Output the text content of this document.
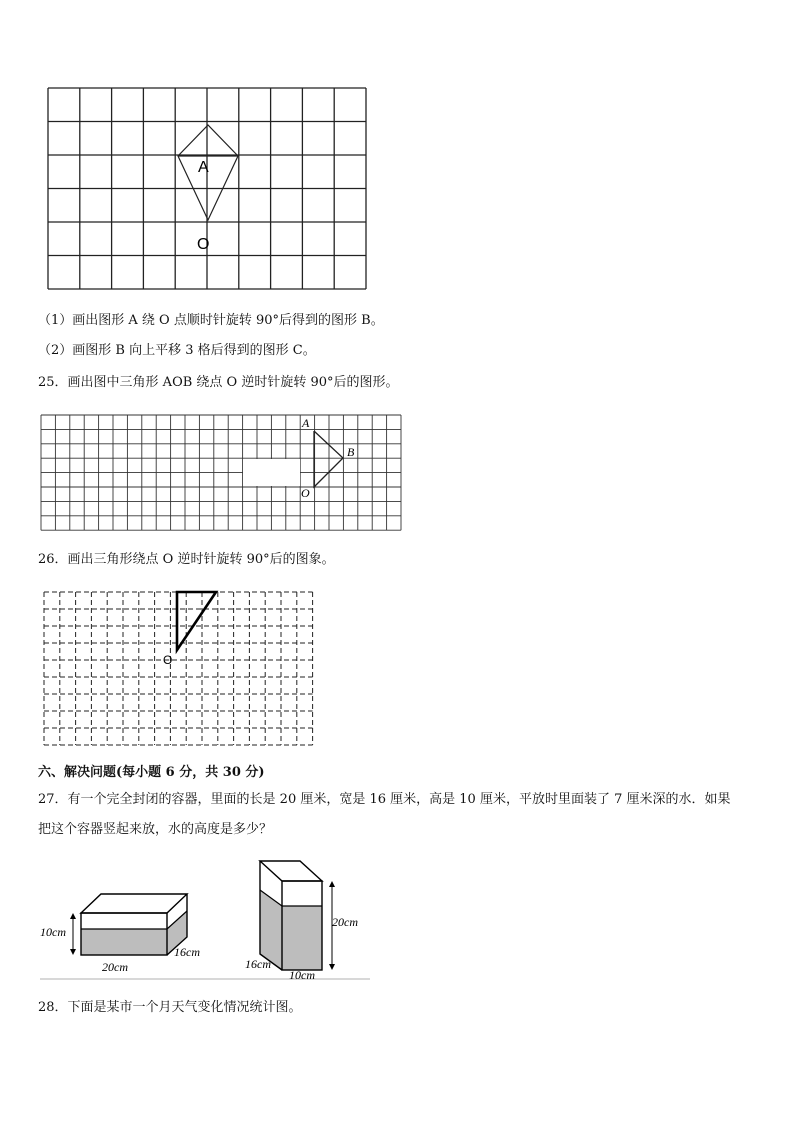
A
O
（1）画出图形 A 绕 O 点顺时针旋转 90°后得到的图形 B。
（2）画图形 B 向上平移 3 格后得到的图形 C。
25．画出图中三角形 AOB 绕点 O 逆时针旋转 90°后的图形。
A
B
O
26．画出三角形绕点 O 逆时针旋转 90°后的图象。
O
六、解决问题(每小题 6 分，共 30 分)
27．有一个完全封闭的容器，里面的长是 20 厘米，宽是 16 厘米，高是 10 厘米，平放时里面装了 7 厘米深的水．如果
把这个容器竖起来放，水的高度是多少？
10cm
20cm
16cm
20cm
16cm
10cm
28．下面是某市一个月天气变化情况统计图。
